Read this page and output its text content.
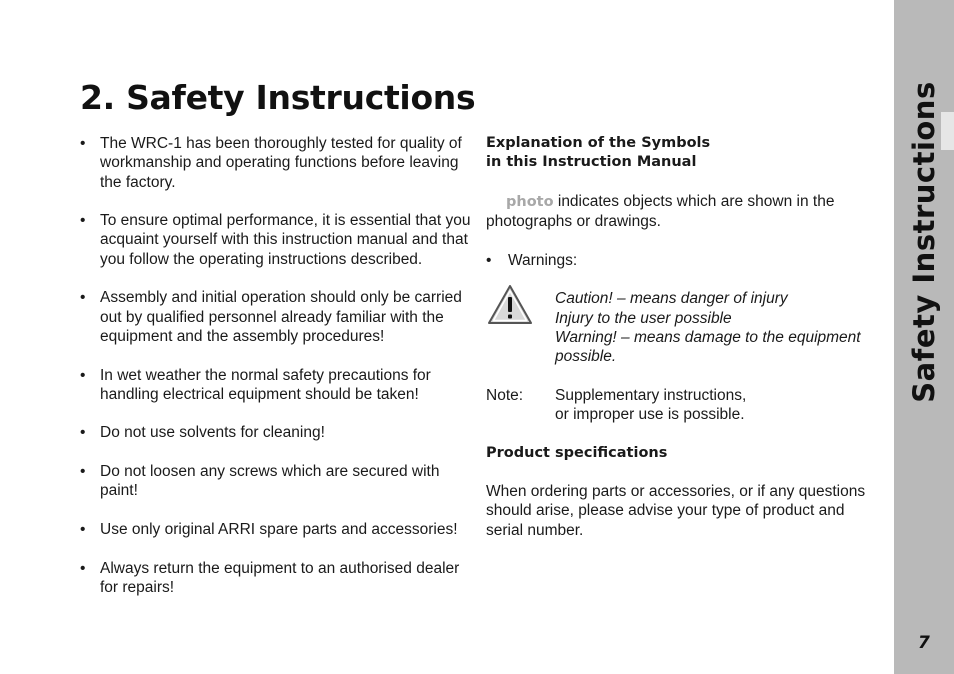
2. Safety Instructions
• The WRC-1 has been thoroughly tested for quality of workmanship and operating functions before leaving the factory.
• To ensure optimal performance, it is essential that you acquaint yourself with this instruction manual and that you follow the operating instructions described.
• Assembly and initial operation should only be carried out by qualified personnel already familiar with the equipment and the assembly procedures!
• In wet weather the normal safety precautions for handling electrical equipment should be taken!
• Do not use solvents for cleaning!
• Do not loosen any screws which are secured with paint!
• Use only original ARRI spare parts and accessories!
• Always return the equipment to an authorised dealer for repairs!

Explanation of the Symbols

in this Instruction Manual

photo indicates objects which are shown in the
photographs or drawings.
• Warnings:
Caution! – means danger of injury
Injury to the user possible
Warning! – means damage to the equipment
possible.
Note: Supplementary instructions,
or improper use is possible.

Product specifications

When ordering parts or accessories, or if any questions
should arise, please advise your type of product and
serial number.
Safety Instructions
7
